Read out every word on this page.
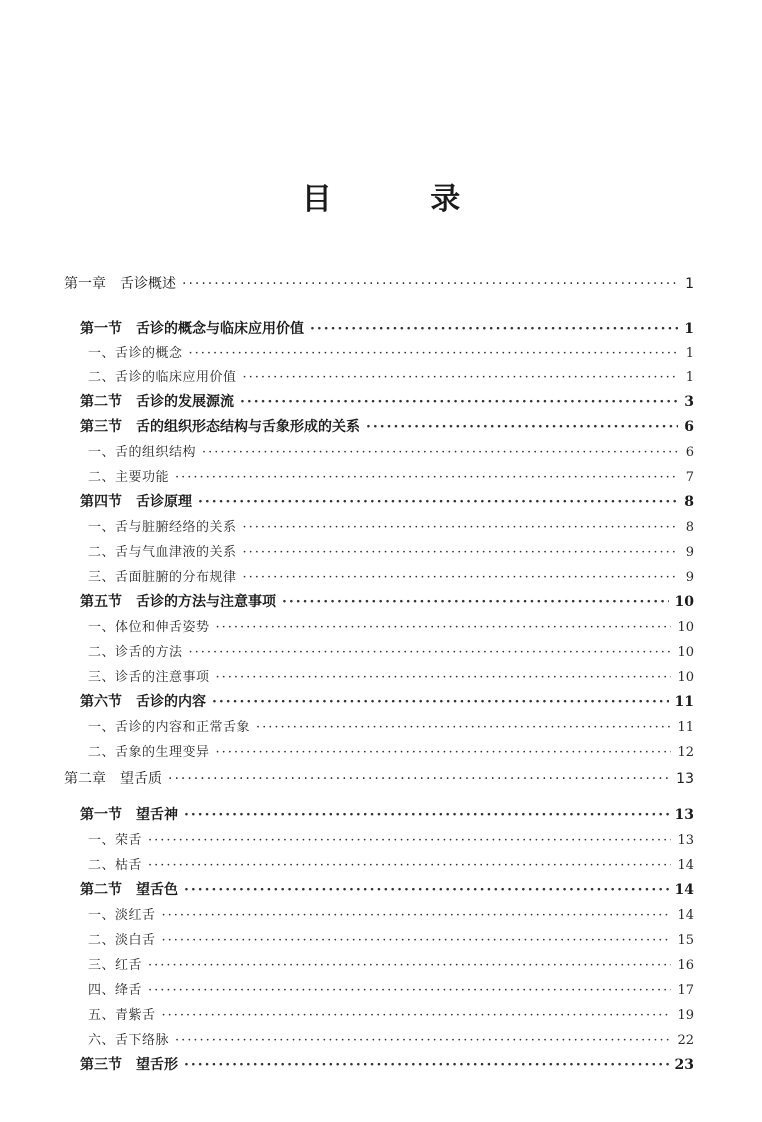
目 录
第一章 舌诊概述 ·····	1
第一节 舌诊的概念与临床应用价值 ·····	1
一、舌诊的概念 ·····	1
二、舌诊的临床应用价值 ·····	1
第二节 舌诊的发展源流 ·····	3
第三节 舌的组织形态结构与舌象形成的关系 ·····	6
一、舌的组织结构 ·····	6
二、主要功能 ·····	7
第四节 舌诊原理 ·····	8
一、舌与脏腑经络的关系 ·····	8
二、舌与气血津液的关系 ·····	9
三、舌面脏腑的分布规律 ·····	9
第五节 舌诊的方法与注意事项 ·····	10
一、体位和伸舌姿势 ·····	10
二、诊舌的方法 ·····	10
三、诊舌的注意事项 ·····	10
第六节 舌诊的内容 ·····	11
一、舌诊的内容和正常舌象 ·····	11
二、舌象的生理变异 ·····	12
第二章 望舌质 ·····	13
第一节 望舌神 ·····	13
一、荣舌 ·····	13
二、枯舌 ·····	14
第二节 望舌色 ·····	14
一、淡红舌 ·····	14
二、淡白舌 ·····	15
三、红舌 ·····	16
四、绛舌 ·····	17
五、青紫舌 ·····	19
六、舌下络脉 ·····	22
第三节 望舌形 ·····	23
